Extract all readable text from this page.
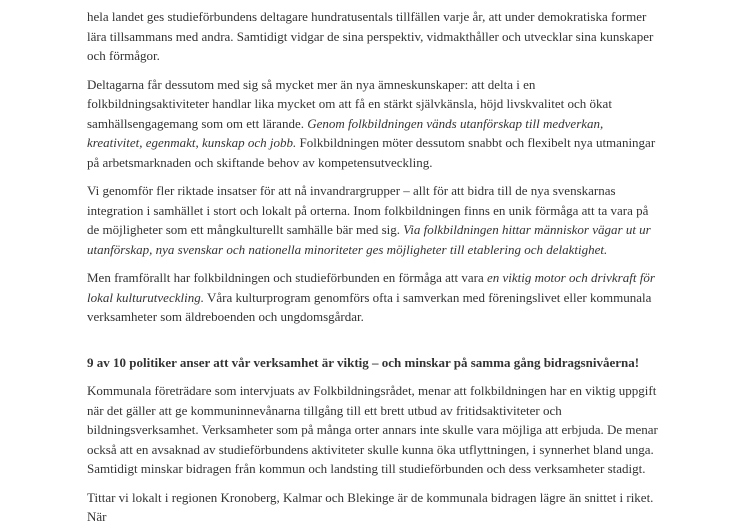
hela landet ges studieförbundens deltagare hundratusentals tillfällen varje år, att under demokratiska former lära tillsammans med andra. Samtidigt vidgar de sina perspektiv, vidmakthåller och utvecklar sina kunskaper och förmågor.

Deltagarna får dessutom med sig så mycket mer än nya ämneskunskaper: att delta i en folkbildningsaktiviteter handlar lika mycket om att få en stärkt självkänsla, höjd livskvalitet och ökat samhällsengagemang som om ett lärande. Genom folkbildningen vänds utanförskap till medverkan, kreativitet, egenmakt, kunskap och jobb. Folkbildningen möter dessutom snabbt och flexibelt nya utmaningar på arbetsmarknaden och skiftande behov av kompetensutveckling.

Vi genomför fler riktade insatser för att nå invandrargrupper – allt för att bidra till de nya svenskarnas integration i samhället i stort och lokalt på orterna. Inom folkbildningen finns en unik förmåga att ta vara på de möjligheter som ett mångkulturellt samhälle bär med sig. Via folkbildningen hittar människor vägar ut ur utanförskap, nya svenskar och nationella minoriteter ges möjligheter till etablering och delaktighet.

Men framförallt har folkbildningen och studieförbunden en förmåga att vara en viktig motor och drivkraft för lokal kulturutveckling. Våra kulturprogram genomförs ofta i samverkan med föreningslivet eller kommunala verksamheter som äldreboenden och ungdomsgårdar.

9 av 10 politiker anser att vår verksamhet är viktig – och minskar på samma gång bidragsnivåerna!

Kommunala företrädare som intervjuats av Folkbildningsrådet, menar att folkbildningen har en viktig uppgift när det gäller att ge kommuninnevånarna tillgång till ett brett utbud av fritidsaktiviteter och bildningsverksamhet. Verksamheter som på många orter annars inte skulle vara möjliga att erbjuda. De menar också att en avsaknad av studieförbundens aktiviteter skulle kunna öka utflyttningen, i synnerhet bland unga. Samtidigt minskar bidragen från kommun och landsting till studieförbunden och dess verksamheter stadigt.

Tittar vi lokalt i regionen Kronoberg, Kalmar och Blekinge är de kommunala bidragen lägre än snittet i riket. När
